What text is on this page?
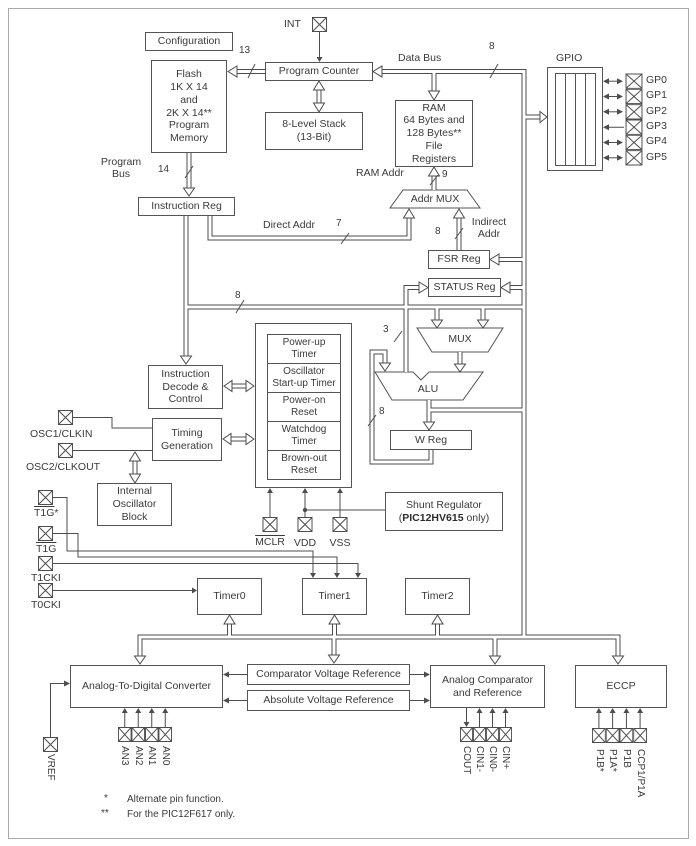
Configuration
Flash
1K X 14
and
2K X 14**
Program
Memory
Program Counter
8-Level Stack
(13-Bit)
RAM
64 Bytes and
128 Bytes**
File
Registers
Instruction Reg
FSR Reg
STATUS Reg
Instruction
Decode &
Control
Timing
Generation
Internal
Oscillator
Block
Power-up
Timer
Oscillator
Start-up Timer
Power-on
Reset
Watchdog
Timer
Brown-out
Reset
W Reg
Shunt Regulator
(PIC12HV615 only)
Timer0	Timer1	Timer2
Analog-To-Digital Converter
Comparator Voltage Reference
Absolute Voltage Reference
Analog Comparator
and Reference
ECCP
Addr MUX
MUX
ALU
INT
Data Bus
8
13
GPIO
Program
Bus	14	RAM Addr	9
Direct Addr 7	Indirect
Addr
8
8
3
8
OSC1/CLKIN
OSC2/CLKOUT
T1G*
T1G
T1CKI
T0CKI
MCLR VDD VSS
GP0
GP1
GP2
GP3
GP4
GP5
VREF	AN3 AN2 AN1 AN0	COUT CIN1- CIN0- CIN+	P1B* P1A* P1B CCP1/P1A
* Alternate pin function.
** For the PIC12F617 only.
